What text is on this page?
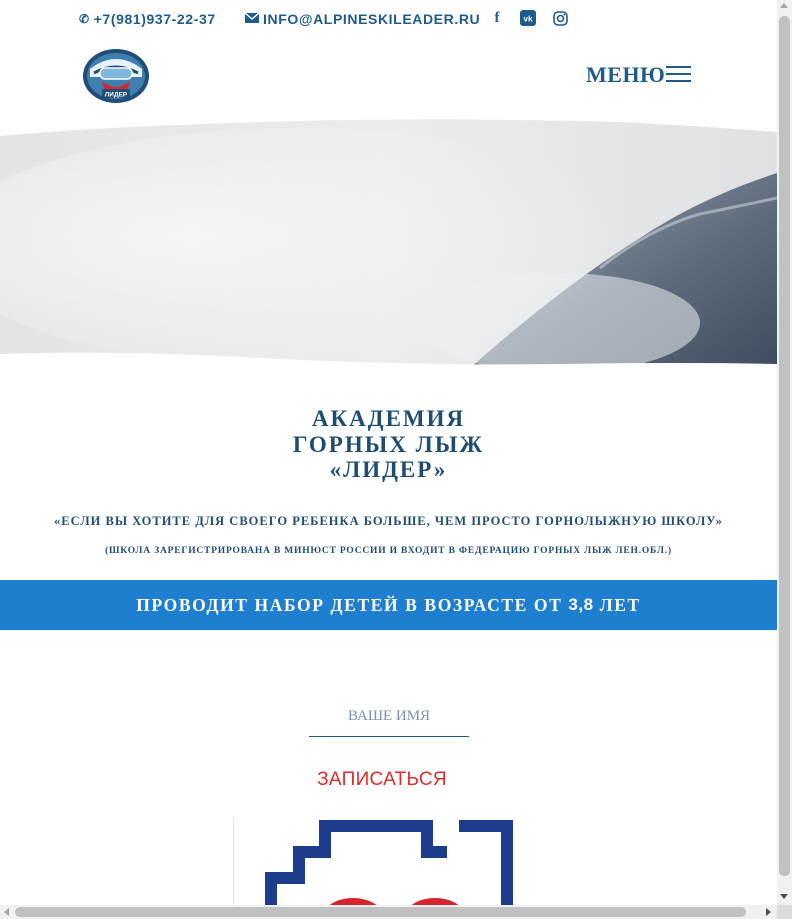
✆ +7(981)937-22-37	INFO@ALPINESKILEADER.RU f	vk
ЛИДЕР
МЕНЮ
АКАДЕМИЯ
ГОРНЫХ ЛЫЖ
«ЛИДЕР»
«ЕСЛИ ВЫ ХОТИТЕ ДЛЯ СВОЕГО РЕБЕНКА БОЛЬШЕ, ЧЕМ ПРОСТО ГОРНОЛЫЖНУЮ ШКОЛУ»
(ШКОЛА ЗАРЕГИСТРИРОВАНА В МИНЮСТ РОССИИ И ВХОДИТ В ФЕДЕРАЦИЮ ГОРНЫХ ЛЫЖ ЛЕН.ОБЛ.)
ПРОВОДИТ НАБОР ДЕТЕЙ В ВОЗРАСТЕ ОТ 3,8 ЛЕТ
ВАШЕ ИМЯ
ЗАПИСАТЬСЯ
